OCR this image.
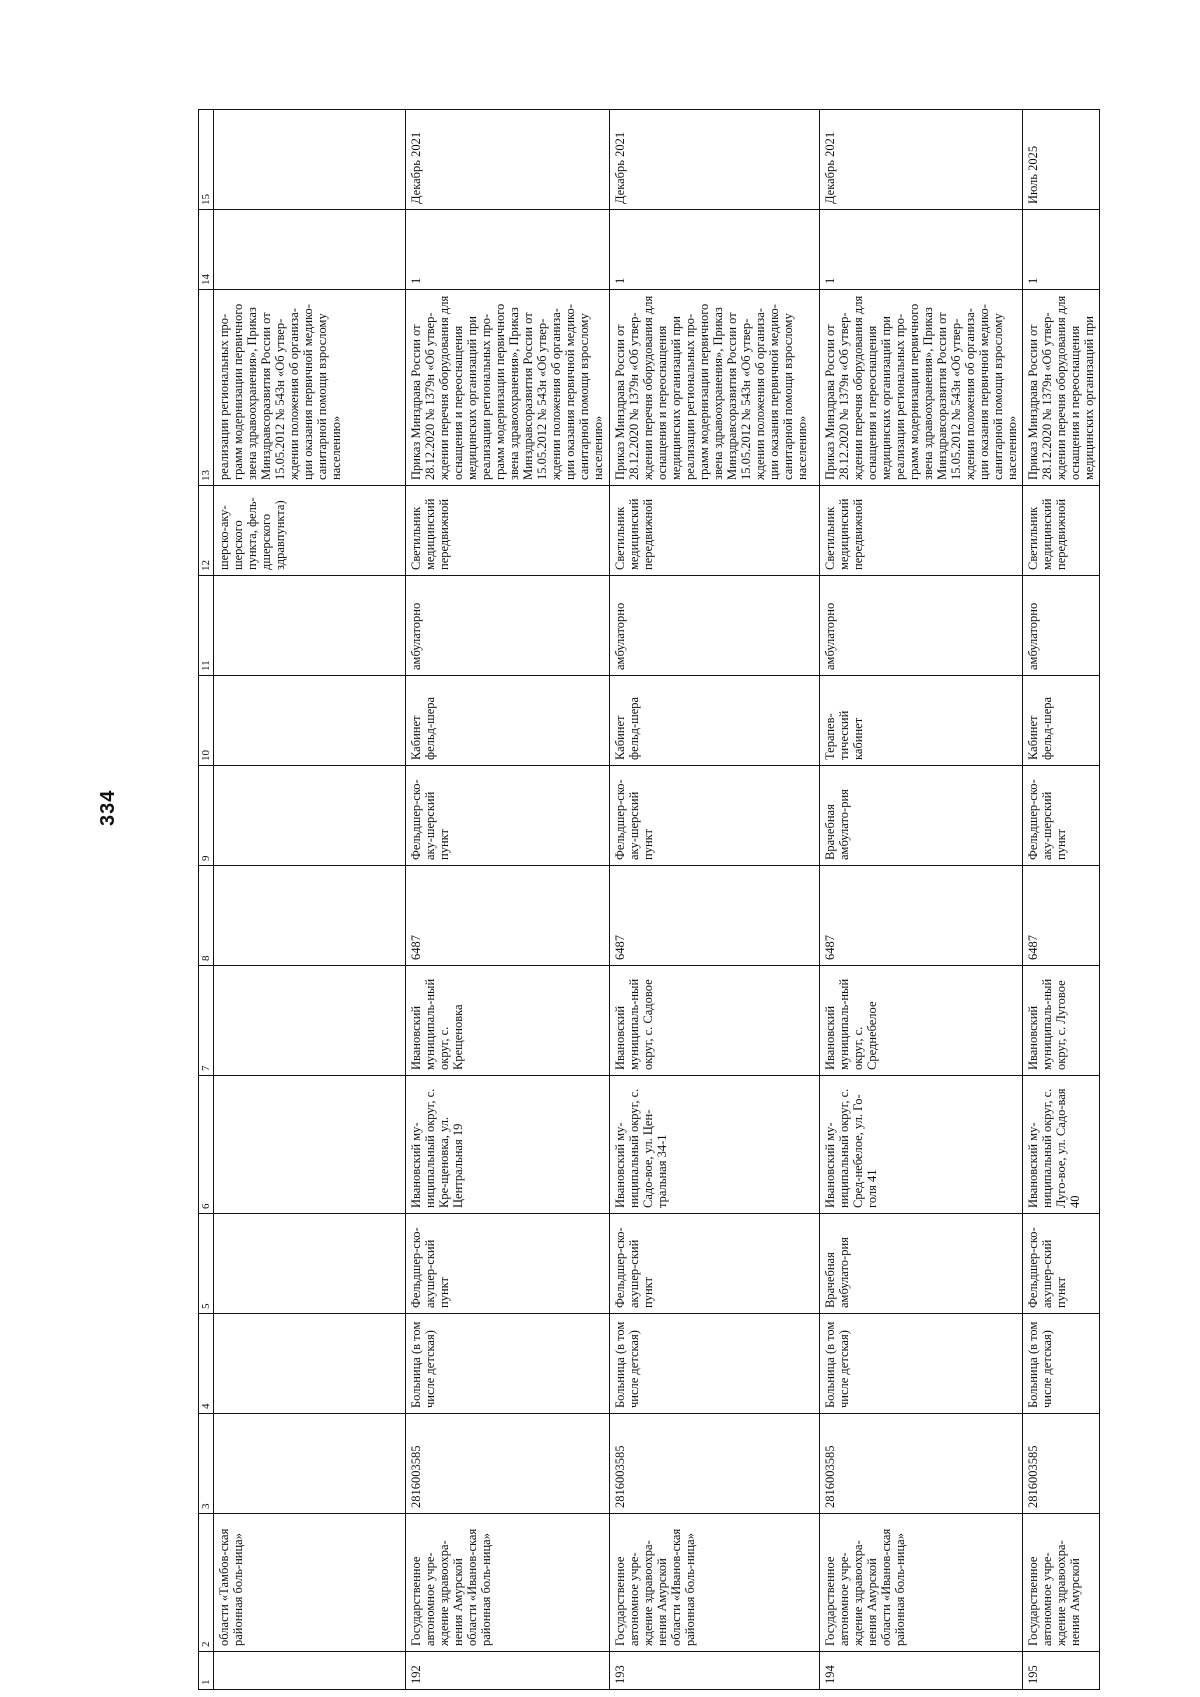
334
1	2	3	4	5	6	7	8	9	10	11	12	13	14	15
	области «Тамбов-ская районная боль-ница»										шерско-аку-шерского пункта, фель-дшерского здравпункта)	реализации региональных про-грамм модернизации первичного звена здравоохранения», Приказ Минздравсоразвития России от 15.05.2012 № 543н «Об утвер-ждении положения об организа-ции оказания первичной медико-санитарной помощи взрослому населению»		
192	Государственное автономное учре-ждение здравоохра-нения Амурской области «Иванов-ская районная боль-ница»	2816003585	Больница (в том числе детская)	Фельдшер-ско-акушер-ский пункт	Ивановский му-ниципальный округ, с. Кре-щеновка, ул. Центральная 19	Ивановский муниципаль-ный округ, с. Крещеновка	6487	Фельдшер-ско-аку-шерский пункт	Кабинет фельд-шера	амбулаторно	Светильник медицинский передвижной	Приказ Минздрава России от 28.12.2020 № 1379н «Об утвер-ждении перечня оборудования для оснащения и переоснащения медицинских организаций при реализации региональных про-грамм модернизации первичного звена здравоохранения», Приказ Минздравсоразвития России от 15.05.2012 № 543н «Об утвер-ждении положения об организа-ции оказания первичной медико-санитарной помощи взрослому населению»	1	Декабрь 2021
193	Государственное автономное учре-ждение здравоохра-нения Амурской области «Иванов-ская районная боль-ница»	2816003585	Больница (в том числе детская)	Фельдшер-ско-акушер-ский пункт	Ивановский му-ниципальный округ, с. Садо-вое, ул. Цен-тральная 34-1	Ивановский муниципаль-ный округ, с. Садовое	6487	Фельдшер-ско-аку-шерский пункт	Кабинет фельд-шера	амбулаторно	Светильник медицинский передвижной	Приказ Минздрава России от 28.12.2020 № 1379н «Об утвер-ждении перечня оборудования для оснащения и переоснащения медицинских организаций при реализации региональных про-грамм модернизации первичного звена здравоохранения», Приказ Минздравсоразвития России от 15.05.2012 № 543н «Об утвер-ждении положения об организа-ции оказания первичной медико-санитарной помощи взрослому населению»	1	Декабрь 2021
194	Государственное автономное учре-ждение здравоохра-нения Амурской области «Иванов-ская районная боль-ница»	2816003585	Больница (в том числе детская)	Врачебная амбулато-рия	Ивановский му-ниципальный округ, с. Сред-небелое, ул. Го-голя 41	Ивановский муниципаль-ный округ, с. Среднебелое	6487	Врачебная амбулато-рия	Терапев-тический кабинет	амбулаторно	Светильник медицинский передвижной	Приказ Минздрава России от 28.12.2020 № 1379н «Об утвер-ждении перечня оборудования для оснащения и переоснащения медицинских организаций при реализации региональных про-грамм модернизации первичного звена здравоохранения», Приказ Минздравсоразвития России от 15.05.2012 № 543н «Об утвер-ждении положения об организа-ции оказания первичной медико-санитарной помощи взрослому населению»	1	Декабрь 2021
195	Государственное автономное учре-ждение здравоохра-нения Амурской	2816003585	Больница (в том числе детская)	Фельдшер-ско-акушер-ский пункт	Ивановский му-ниципальный округ, с. Луго-вое, ул. Садо-вая 40	Ивановский муниципаль-ный округ, с. Луговое	6487	Фельдшер-ско-аку-шерский пункт	Кабинет фельд-шера	амбулаторно	Светильник медицинский передвижной	Приказ Минздрава России от 28.12.2020 № 1379н «Об утвер-ждении перечня оборудования для оснащения и переоснащения медицинских организаций при	1	Июль 2025
